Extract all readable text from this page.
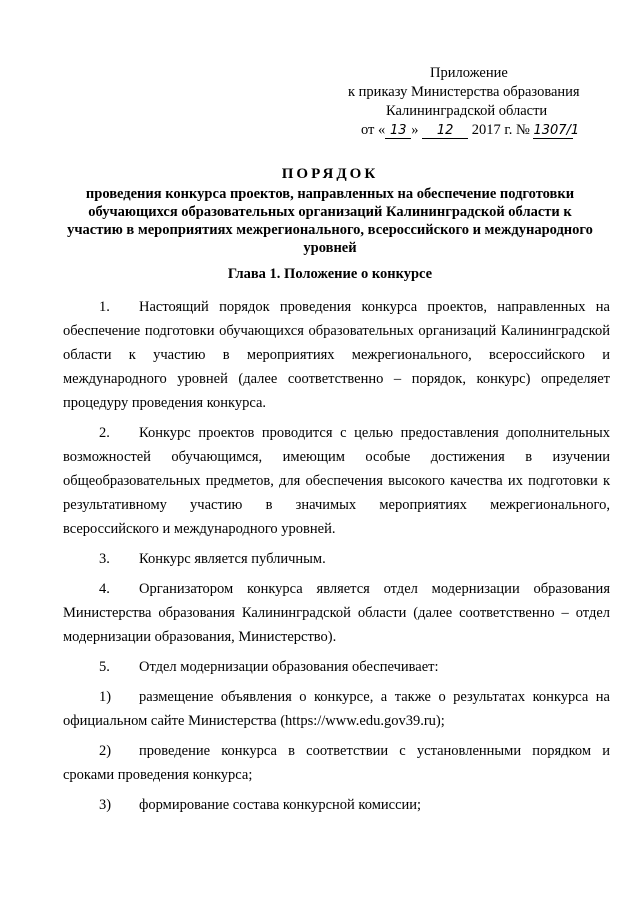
Приложение
к приказу Министерства образования
Калининградской области
от « 13 » 12 2017 г. № 1307/1
ПОРЯДОК
проведения конкурса проектов, направленных на обеспечение подготовки обучающихся образовательных организаций Калининградской области к участию в мероприятиях межрегионального, всероссийского и международного уровней
Глава 1. Положение о конкурсе

1. Настоящий порядок проведения конкурса проектов, направленных на обеспечение подготовки обучающихся образовательных организаций Калининградской области к участию в мероприятиях межрегионального, всероссийского и международного уровней (далее соответственно – порядок, конкурс) определяет процедуру проведения конкурса.

2. Конкурс проектов проводится с целью предоставления дополнительных возможностей обучающимся, имеющим особые достижения в изучении общеобразовательных предметов, для обеспечения высокого качества их подготовки к результативному участию в значимых мероприятиях межрегионального, всероссийского и международного уровней.

3. Конкурс является публичным.

4. Организатором конкурса является отдел модернизации образования Министерства образования Калининградской области (далее соответственно – отдел модернизации образования, Министерство).

5. Отдел модернизации образования обеспечивает:

1) размещение объявления о конкурсе, а также о результатах конкурса на официальном сайте Министерства (https://www.edu.gov39.ru);

2) проведение конкурса в соответствии с установленными порядком и сроками проведения конкурса;

3) формирование состава конкурсной комиссии;
